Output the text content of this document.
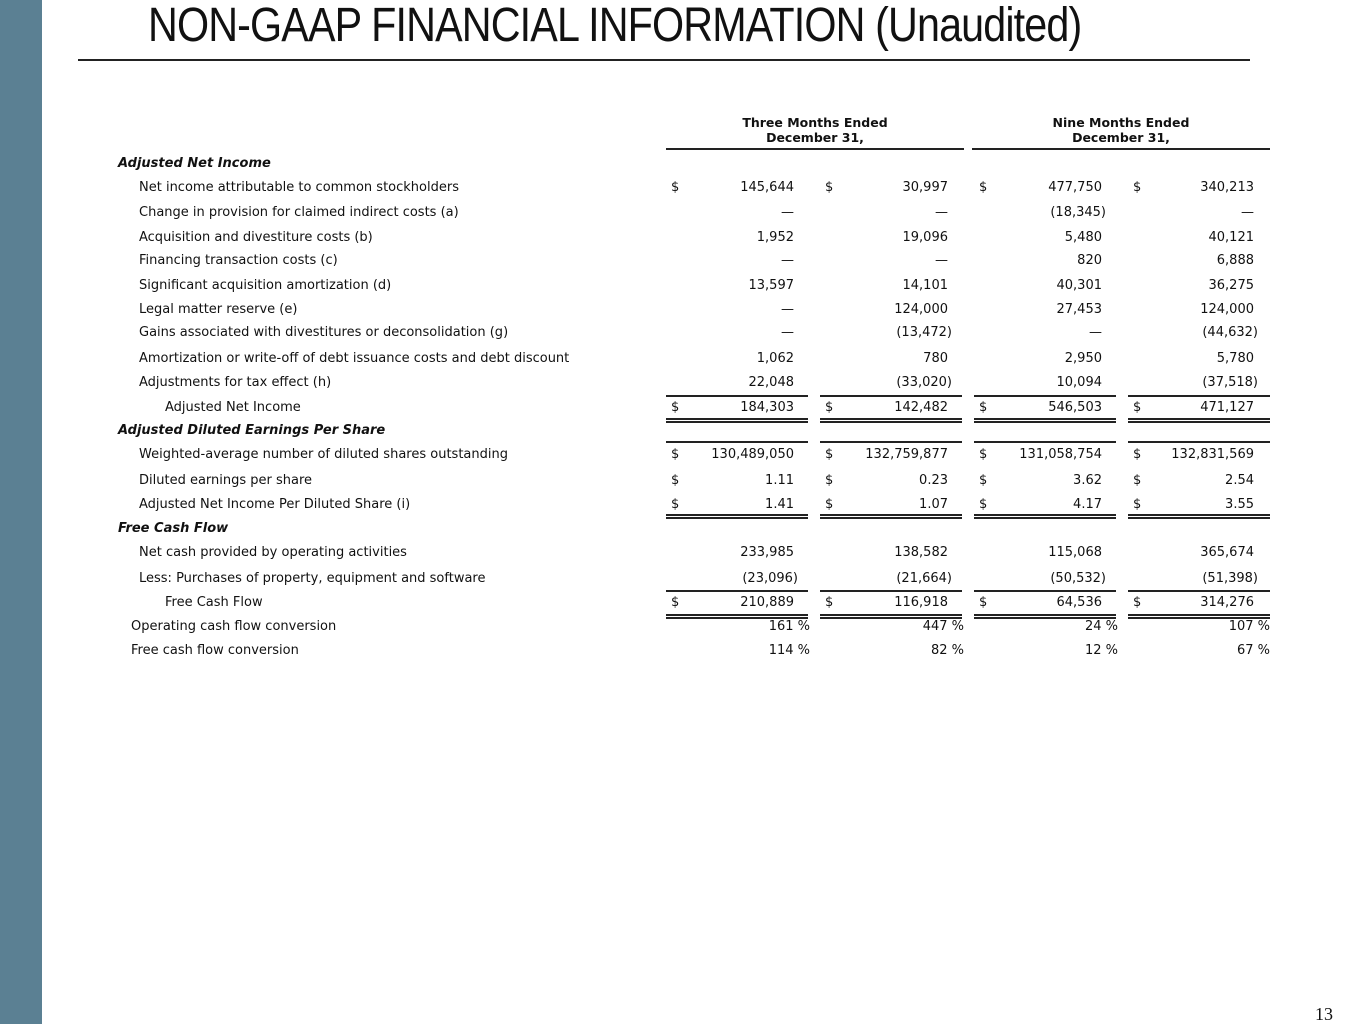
NON-GAAP FINANCIAL INFORMATION (Unaudited)
Three Months Ended
December 31,
Nine Months Ended
December 31,
Adjusted Net Income
Net income attributable to common stockholders	$	145,644 $	30,997 $	477,750 $	340,213
Change in provision for claimed indirect costs (a)	—	—	(18,345)	—
Acquisition and divestiture costs (b)	1,952	19,096	5,480	40,121
Financing transaction costs (c)	—	—	820	6,888
Significant acquisition amortization (d)	13,597	14,101	40,301	36,275
Legal matter reserve (e)	—	124,000	27,453	124,000
Gains associated with divestitures or deconsolidation (g)	—	(13,472)	—	(44,632)
Amortization or write-off of debt issuance costs and debt discount	1,062	780	2,950	5,780
Adjustments for tax effect (h)	22,048	(33,020)	10,094	(37,518)
Adjusted Net Income	$	184,303 $	142,482 $	546,503 $	471,127
Adjusted Diluted Earnings Per Share
Weighted-average number of diluted shares outstanding	$	130,489,050 $	132,759,877 $	131,058,754 $	132,831,569
Diluted earnings per share	$	1.11 $	0.23 $	3.62 $	2.54
Adjusted Net Income Per Diluted Share (i)	$	1.41 $	1.07 $	4.17 $	3.55
Free Cash Flow
Net cash provided by operating activities	233,985	138,582	115,068	365,674
Less: Purchases of property, equipment and software	(23,096)	(21,664)	(50,532)	(51,398)
Free Cash Flow	$	210,889 $	116,918 $	64,536 $	314,276
Operating cash flow conversion	161 %	447 %	24 %	107 %
Free cash flow conversion	114 %	82 %	12 %	67 %
13
